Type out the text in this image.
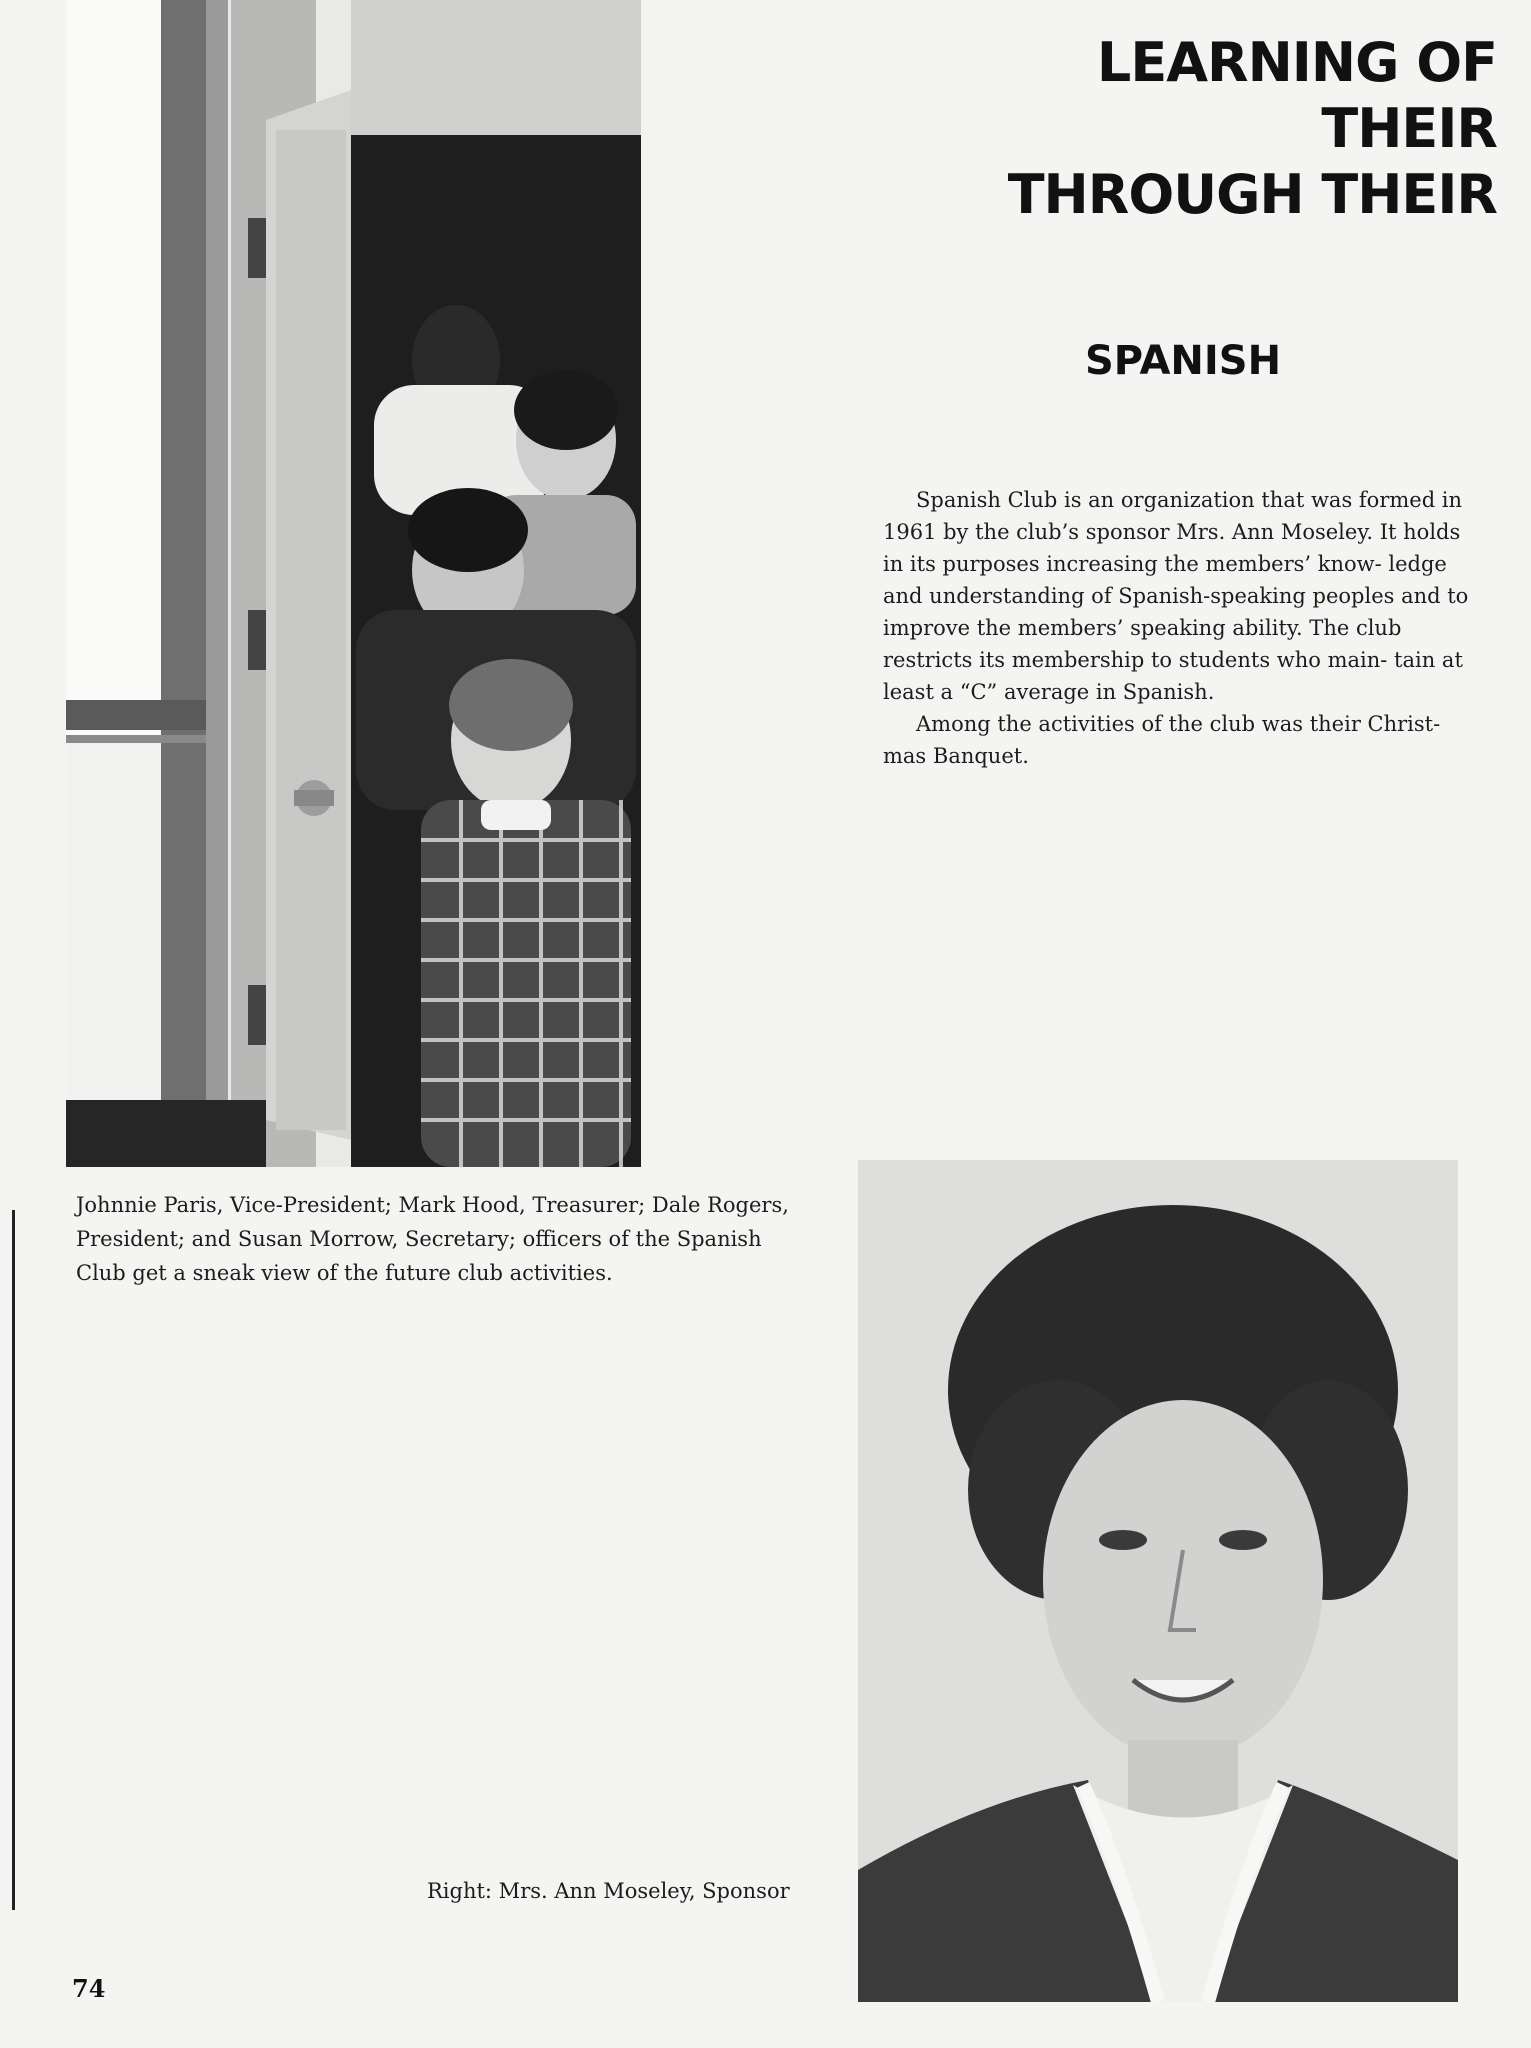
LEARNING OF
THEIR
THROUGH THEIR
SPANISH

Spanish Club is an organization that was formed in 1961 by the club’s sponsor Mrs. Ann Moseley. It holds in its purposes increasing the members’ know- ledge and understanding of Spanish-speaking peoples and to improve the members’ speaking ability. The club restricts its membership to students who main- tain at least a “C” average in Spanish.

Among the activities of the club was their Christ- mas Banquet.

Johnnie Paris, Vice-President; Mark Hood, Treasurer; Dale Rogers, President; and Susan Morrow, Secretary; officers of the Spanish Club get a sneak view of the future club activities.
Right: Mrs. Ann Moseley, Sponsor
74
